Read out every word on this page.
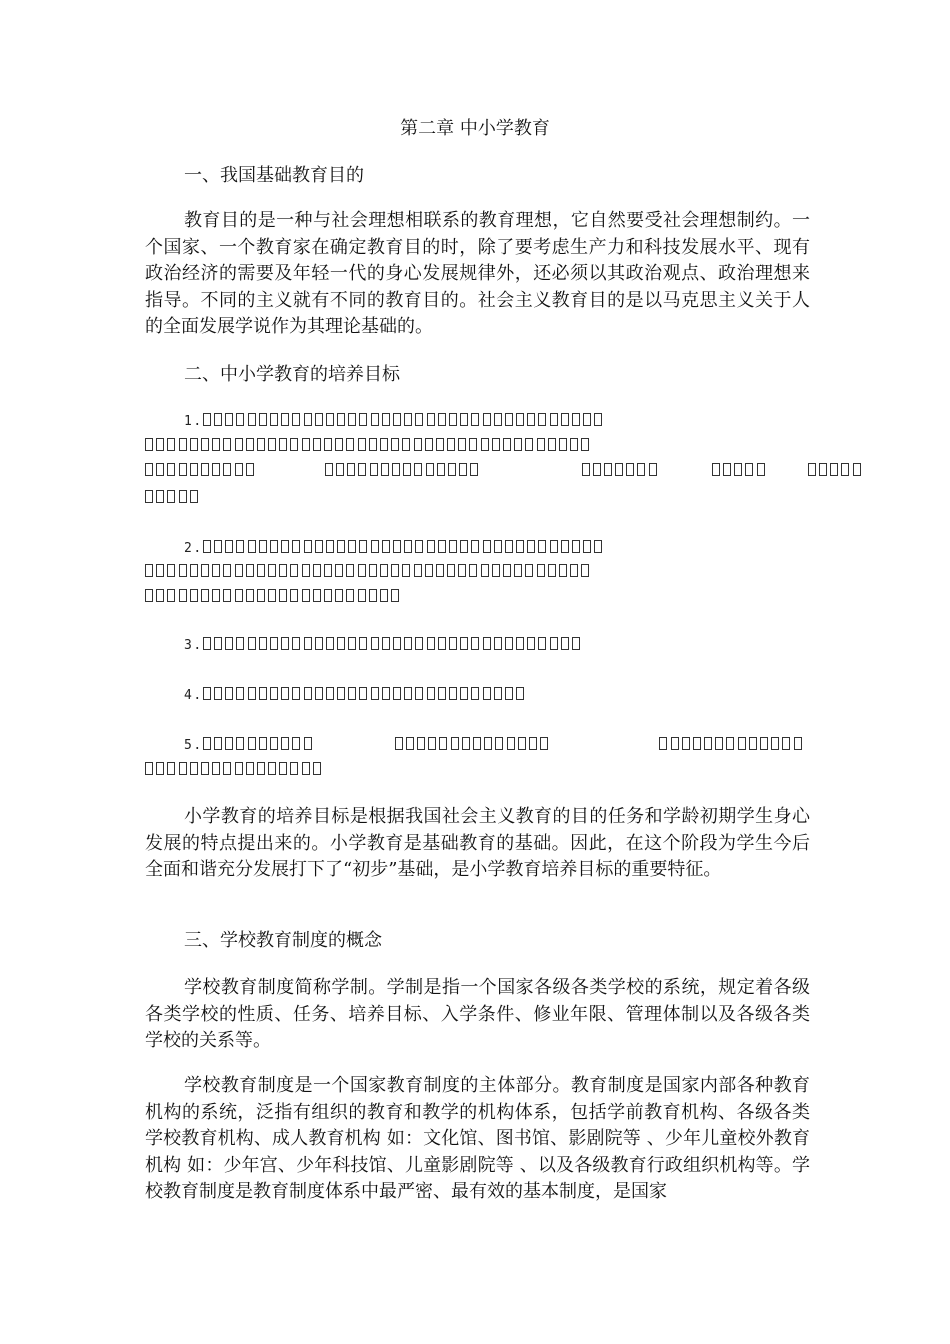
第二章 中小学教育
一、我国基础教育目的

教育目的是一种与社会理想相联系的教育理想，它自然要受社会理想制约。一个国家、一个教育家在确定教育目的时，除了要考虑生产力和科技发展水平、现有政治经济的需要及年轻一代的身心发展规律外，还必须以其政治观点、政治理想来指导。不同的主义就有不同的教育目的。社会主义教育目的是以马克思主义关于人的全面发展学说作为其理论基础的。

二、中小学教育的培养目标
1.
2.
3.
4.
5.

小学教育的培养目标是根据我国社会主义教育的目的任务和学龄初期学生身心发展的特点提出来的。小学教育是基础教育的基础。因此，在这个阶段为学生今后全面和谐充分发展打下了“初步”基础，是小学教育培养目标的重要特征。

三、学校教育制度的概念

学校教育制度简称学制。学制是指一个国家各级各类学校的系统，规定着各级各类学校的性质、任务、培养目标、入学条件、修业年限、管理体制以及各级各类学校的关系等。

学校教育制度是一个国家教育制度的主体部分。教育制度是国家内部各种教育机构的系统，泛指有组织的教育和教学的机构体系，包括学前教育机构、各级各类学校教育机构、成人教育机构 如：文化馆、图书馆、影剧院等 、少年儿童校外教育机构 如：少年宫、少年科技馆、儿童影剧院等 、以及各级教育行政组织机构等。学校教育制度是教育制度体系中最严密、最有效的基本制度，是国家
